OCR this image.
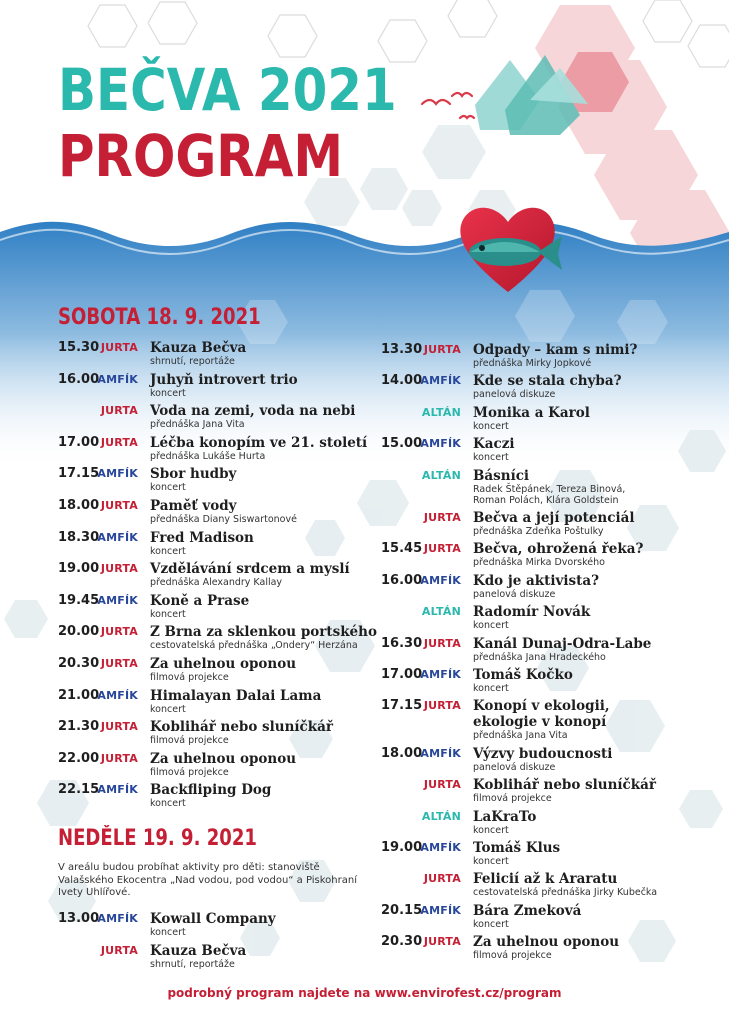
BEČVA 2021
PROGRAM
SOBOTA 18. 9. 2021
NEDĚLE 19. 9. 2021
15.30 JURTA Kauza Bečva
shrnutí, reportáže
16.00
AMFÍK Juhyň introvert trio
koncert
JURTA Voda na zemi, voda na nebi
přednáška Jana Vita
17.00 JURTA Léčba konopím ve 21. století
přednáška Lukáše Hurta
17.15
AMFÍK Sbor hudby
koncert
18.00 JURTA Paměť vody
přednáška Diany Siswartonové
18.30
AMFÍK Fred Madison
koncert
19.00 JURTA Vzdělávání srdcem a myslí
přednáška Alexandry Kallay
19.45
AMFÍK Koně a Prase
koncert
20.00 JURTA Z Brna za sklenkou portského
cestovatelská přednáška „Ondery“ Herzána
20.30 JURTA Za uhelnou oponou
filmová projekce
21.00
AMFÍK Himalayan Dalai Lama
koncert
21.30 JURTA Koblihář nebo sluníčkář
filmová projekce
22.00 JURTA Za uhelnou oponou
filmová projekce
22.15
AMFÍK Backfliping Dog
koncert
V areálu budou probíhat aktivity pro děti: stanoviště Valašského Ekocentra „Nad vodou, pod vodou“ a Piskohraní Ivety Uhlířové.
13.00
AMFÍK Kowall Company
koncert
JURTA Kauza Bečva
shrnutí, reportáže
13.30 JURTA Odpady – kam s nimi?
přednáška Mirky Jopkové
14.00
AMFÍK Kde se stala chyba?
panelová diskuze
ALTÁN Monika a Karol
koncert
15.00
AMFÍK Kaczi
koncert
ALTÁN Básníci
Radek Štěpánek, Tereza Binová,
Roman Polách, Klára Goldstein
JURTA Bečva a její potenciál
přednáška Zdeňka Poštulky
15.45 JURTA Bečva, ohrožená řeka?
přednáška Mirka Dvorského
16.00
AMFÍK Kdo je aktivista?
panelová diskuze
ALTÁN Radomír Novák
koncert
16.30 JURTA Kanál Dunaj-Odra-Labe
přednáška Jana Hradeckého
17.00
AMFÍK Tomáš Kočko
koncert
17.15 JURTA Konopí v ekologii,
ekologie v konopí
přednáška Jana Vita
18.00
AMFÍK Výzvy budoucnosti
panelová diskuze
JURTA Koblihář nebo sluníčkář
filmová projekce
ALTÁN LaKraTo
koncert
19.00
AMFÍK Tomáš Klus
koncert
JURTA Felicií až k Araratu
cestovatelská přednáška Jirky Kubečka
20.15
AMFÍK Bára Zmeková
koncert
20.30 JURTA Za uhelnou oponou
filmová projekce
podrobný program najdete na www.envirofest.cz/program
